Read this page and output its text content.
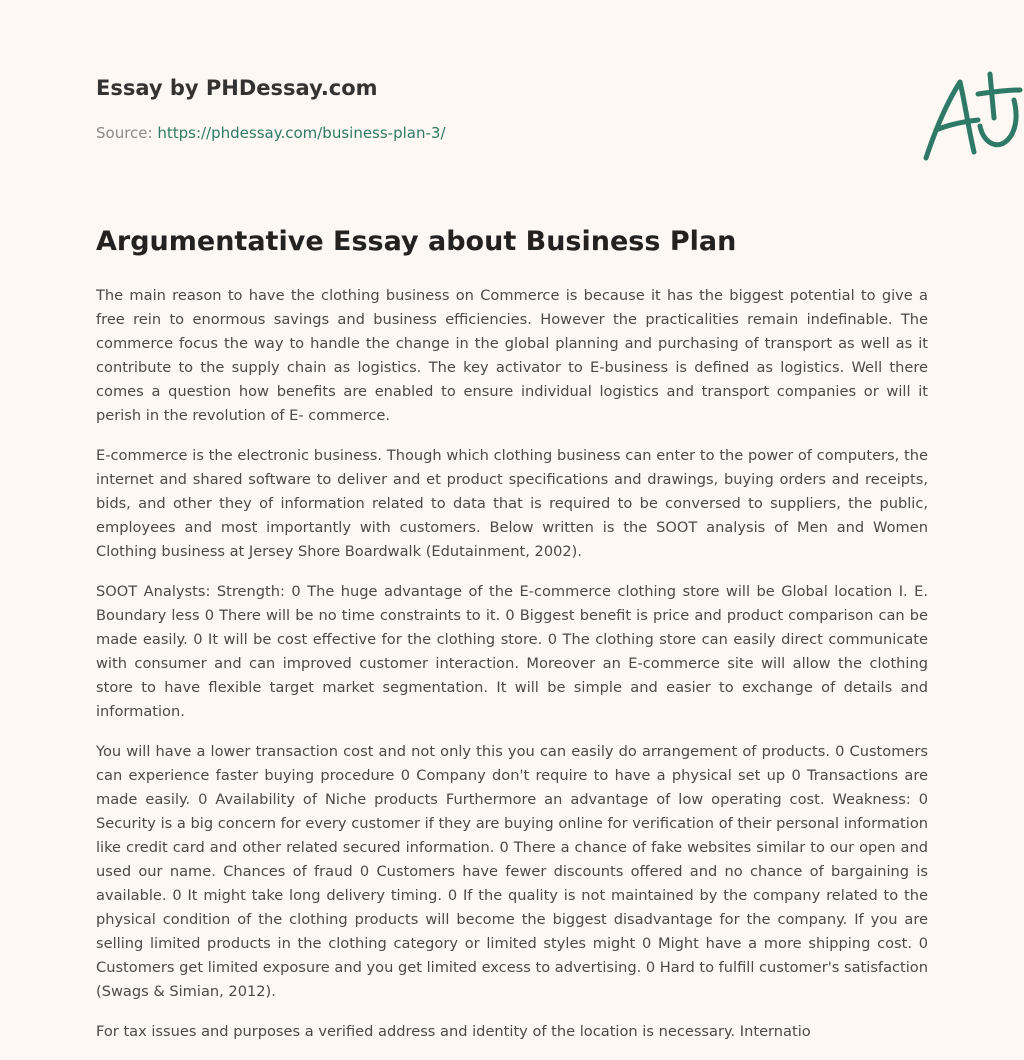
Essay by PHDessay.com
Source: https://phdessay.com/business-plan-3/
Argumentative Essay about Business Plan

The main reason to have the clothing business on Commerce is because it has the biggest potential to give a free rein to enormous savings and business efficiencies. However the practicalities remain indefinable. The commerce focus the way to handle the change in the global planning and purchasing of transport as well as it contribute to the supply chain as logistics. The key activator to E-business is defined as logistics. Well there comes a question how benefits are enabled to ensure individual logistics and transport companies or will it perish in the revolution of E- commerce.

E-commerce is the electronic business. Though which clothing business can enter to the power of computers, the internet and shared software to deliver and et product specifications and drawings, buying orders and receipts, bids, and other they of information related to data that is required to be conversed to suppliers, the public, employees and most importantly with customers. Below written is the SOOT analysis of Men and Women Clothing business at Jersey Shore Boardwalk (Edutainment, 2002).

SOOT Analysts: Strength: 0 The huge advantage of the E-commerce clothing store will be Global location I. E. Boundary less 0 There will be no time constraints to it. 0 Biggest benefit is price and product comparison can be made easily. 0 It will be cost effective for the clothing store. 0 The clothing store can easily direct communicate with consumer and can improved customer interaction. Moreover an E-commerce site will allow the clothing store to have flexible target market segmentation. It will be simple and easier to exchange of details and information.

You will have a lower transaction cost and not only this you can easily do arrangement of products. 0 Customers can experience faster buying procedure 0 Company don't require to have a physical set up 0 Transactions are made easily. 0 Availability of Niche products Furthermore an advantage of low operating cost. Weakness: 0 Security is a big concern for every customer if they are buying online for verification of their personal information like credit card and other related secured information. 0 There a chance of fake websites similar to our open and used our name. Chances of fraud 0 Customers have fewer discounts offered and no chance of bargaining is available. 0 It might take long delivery timing. 0 If the quality is not maintained by the company related to the physical condition of the clothing products will become the biggest disadvantage for the company. If you are selling limited products in the clothing category or limited styles might 0 Might have a more shipping cost. 0 Customers get limited exposure and you get limited excess to advertising. 0 Hard to fulfill customer's satisfaction (Swags & Simian, 2012).

For tax issues and purposes a verified address and identity of the location is necessary. Internatio
